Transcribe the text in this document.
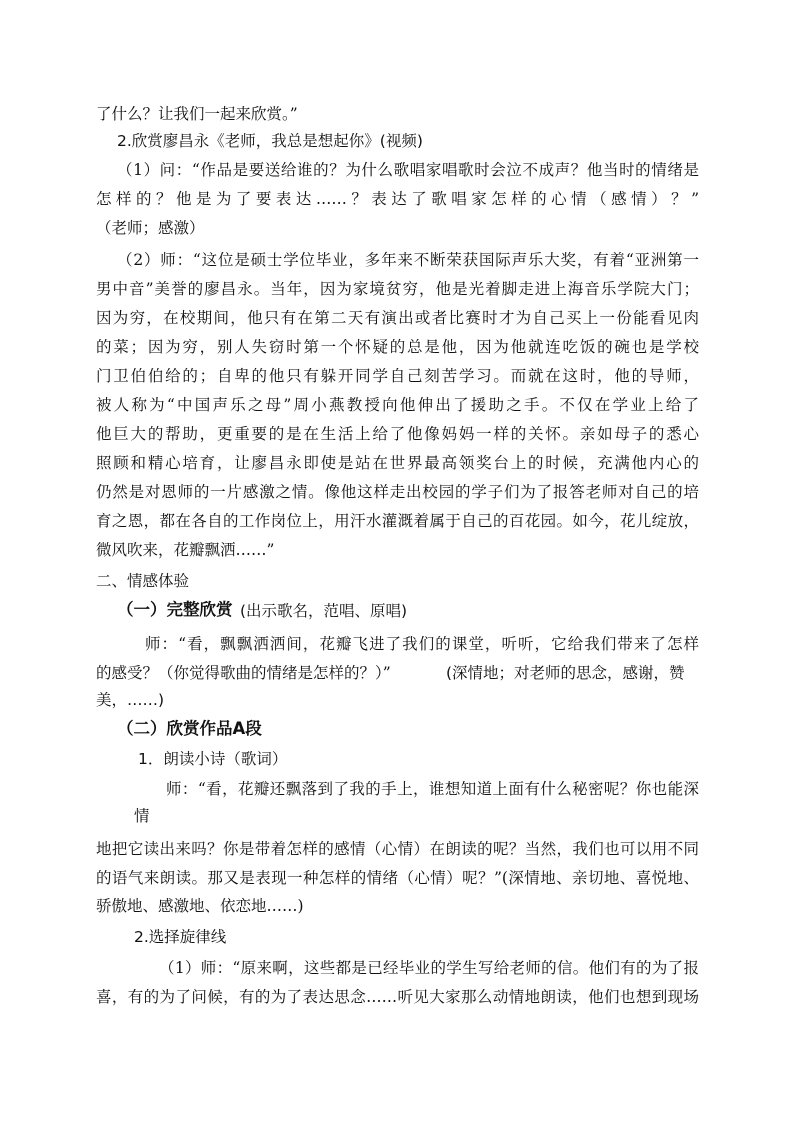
了什么？让我们一起来欣赏。”

2.欣赏廖昌永《老师，我总是想起你》(视频)

（1）问：“作品是要送给谁的？为什么歌唱家唱歌时会泣不成声？他当时的情绪是

怎样的？他是为了要表达……？表达了歌唱家怎样的心情（感情）？”

（老师；感激）

（2）师：“这位是硕士学位毕业，多年来不断荣获国际声乐大奖，有着“亚洲第一

男中音”美誉的廖昌永。当年，因为家境贫穷，他是光着脚走进上海音乐学院大门；

因为穷，在校期间，他只有在第二天有演出或者比赛时才为自己买上一份能看见肉

的菜；因为穷，别人失窃时第一个怀疑的总是他，因为他就连吃饭的碗也是学校

门卫伯伯给的；自卑的他只有躲开同学自己刻苦学习。而就在这时，他的导师，

被人称为“中国声乐之母”周小燕教授向他伸出了援助之手。不仅在学业上给了

他巨大的帮助，更重要的是在生活上给了他像妈妈一样的关怀。亲如母子的悉心

照顾和精心培育，让廖昌永即使是站在世界最高领奖台上的时候，充满他内心的

仍然是对恩师的一片感激之情。像他这样走出校园的学子们为了报答老师对自己的培

育之恩，都在各自的工作岗位上，用汗水灌溉着属于自己的百花园。如今，花儿绽放，

微风吹来，花瓣飘洒……”

二、情感体验

（一）完整欣赏 (出示歌名，范唱、原唱)

师：“看，飘飘洒洒间，花瓣飞进了我们的课堂，听听，它给我们带来了怎样

的感受？（你觉得歌曲的情绪是怎样的？）”	(深情地；对老师的思念，感谢，赞

美，……)

（二）欣赏作品A段

1．朗读小诗（歌词）

师：“看，花瓣还飘落到了我的手上，谁想知道上面有什么秘密呢？你也能深

情

地把它读出来吗？你是带着怎样的感情（心情）在朗读的呢？当然，我们也可以用不同

的语气来朗读。那又是表现一种怎样的情绪（心情）呢？”(深情地、亲切地、喜悦地、

骄傲地、感激地、依恋地……)

2.选择旋律线

（1）师：“原来啊，这些都是已经毕业的学生写给老师的信。他们有的为了报

喜，有的为了问候，有的为了表达思念……听见大家那么动情地朗读，他们也想到现场
